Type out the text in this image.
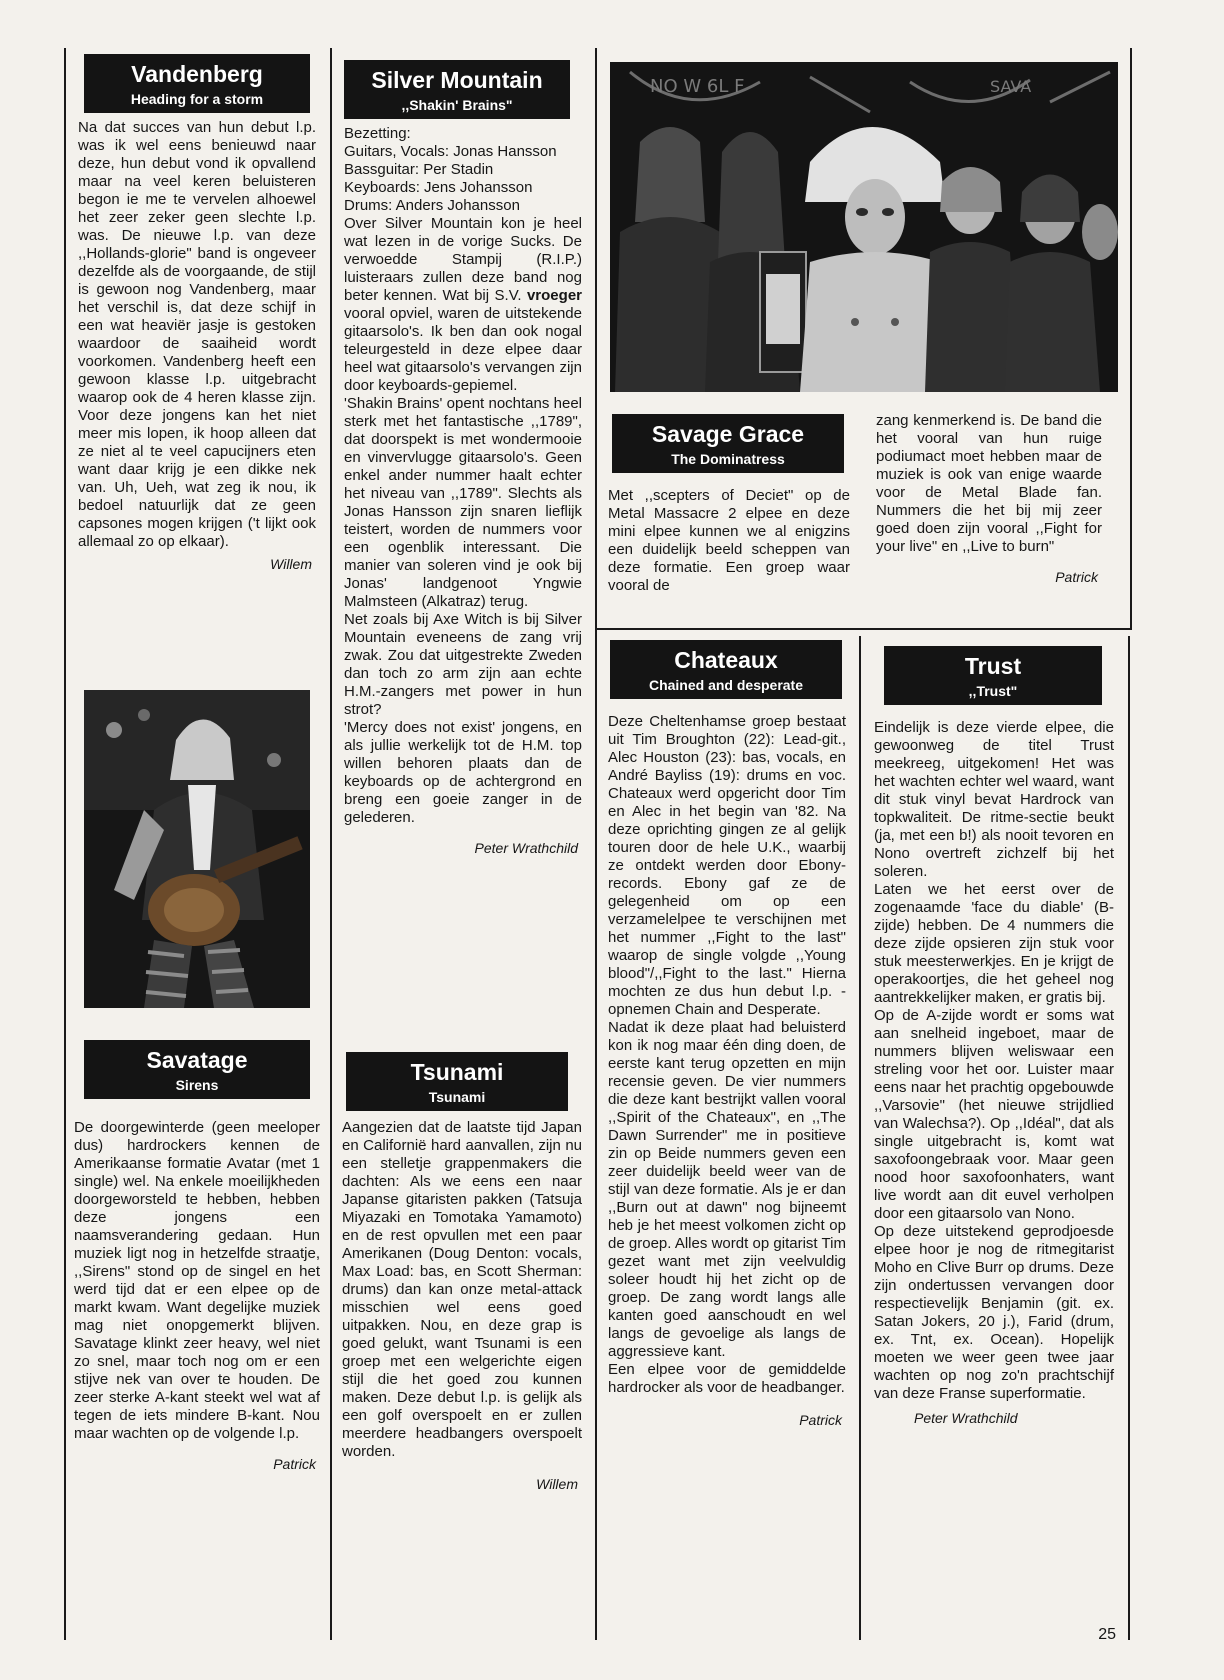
Vandenberg
Heading for a storm

Na dat succes van hun debut l.p. was ik wel eens benieuwd naar deze, hun debut vond ik opvallend maar na veel keren beluisteren begon ie me te vervelen alhoewel het zeer zeker geen slechte l.p. was. De nieuwe l.p. van deze ,,Hollands-glorie" band is ongeveer dezelfde als de voorgaande, de stijl is gewoon nog Vandenberg, maar het verschil is, dat deze schijf in een wat heaviër jasje is gestoken waardoor de saaiheid wordt voorkomen. Vandenberg heeft een gewoon klasse l.p. uitgebracht waarop ook de 4 heren klasse zijn. Voor deze jongens kan het niet meer mis lopen, ik hoop alleen dat ze niet al te veel capucijners eten want daar krijg je een dikke nek van. Uh, Ueh, wat zeg ik nou, ik bedoel natuurlijk dat ze geen capsones mogen krijgen ('t lijkt ook allemaal zo op elkaar).

Willem
Savatage
Sirens

De doorgewinterde (geen meeloper dus) hardrockers kennen de Amerikaanse formatie Avatar (met 1 single) wel. Na enkele moeilijkheden doorgeworsteld te hebben, hebben deze jongens een naamsverandering gedaan. Hun muziek ligt nog in hetzelfde straatje, ,,Sirens" stond op de singel en het werd tijd dat er een elpee op de markt kwam. Want degelijke muziek mag niet onopgemerkt blijven. Savatage klinkt zeer heavy, wel niet zo snel, maar toch nog om er een stijve nek van over te houden. De zeer sterke A-kant steekt wel wat af tegen de iets mindere B-kant. Nou maar wachten op de volgende l.p.

Patrick
Silver Mountain
,,Shakin' Brains"

Bezetting:

Guitars, Vocals: Jonas Hansson

Bassguitar: Per Stadin

Keyboards: Jens Johansson

Drums: Anders Johansson

Over Silver Mountain kon je heel wat lezen in de vorige Sucks. De verwoedde Stampij (R.I.P.) luisteraars zullen deze band nog beter kennen. Wat bij S.V. vroeger vooral opviel, waren de uitstekende gitaarsolo's. Ik ben dan ook nogal teleurgesteld in deze elpee daar heel wat gitaarsolo's vervangen zijn door keyboards-gepiemel.

'Shakin Brains' opent nochtans heel sterk met het fantastische ,,1789", dat doorspekt is met wondermooie en vinvervlugge gitaarsolo's. Geen enkel ander nummer haalt echter het niveau van ,,1789". Slechts als Jonas Hansson zijn snaren lieflijk teistert, worden de nummers voor een ogenblik interessant. Die manier van soleren vind je ook bij Jonas' landgenoot Yngwie Malmsteen (Alkatraz) terug.

Net zoals bij Axe Witch is bij Silver Mountain eveneens de zang vrij zwak. Zou dat uitgestrekte Zweden dan toch zo arm zijn aan echte H.M.-zangers met power in hun strot?

'Mercy does not exist' jongens, en als jullie werkelijk tot de H.M. top willen behoren plaats dan de keyboards op de achtergrond en breng een goeie zanger in de gelederen.

Peter Wrathchild
Tsunami
Tsunami

Aangezien dat de laatste tijd Japan en Californië hard aanvallen, zijn nu een stelletje grappenmakers die dachten: Als we eens een naar Japanse gitaristen pakken (Tatsuja Miyazaki en Tomotaka Yamamoto) en de rest opvullen met een paar Amerikanen (Doug Denton: vocals, Max Load: bas, en Scott Sherman: drums) dan kan onze metal-attack misschien wel eens goed uitpakken. Nou, en deze grap is goed gelukt, want Tsunami is een groep met een welgerichte eigen stijl die het goed zou kunnen maken. Deze debut l.p. is gelijk als een golf overspoelt en er zullen meerdere headbangers overspoelt worden.

Willem
NO W 6L F	SAVA
Savage Grace
The Dominatress

Met ,,scepters of Deciet" op de Metal Massacre 2 elpee en deze mini elpee kunnen we al enigzins een duidelijk beeld scheppen van deze formatie. Een groep waar vooral de

zang kenmerkend is. De band die het vooral van hun ruige podiumact moet hebben maar de muziek is ook van enige waarde voor de Metal Blade fan. Nummers die het bij mij zeer goed doen zijn vooral ,,Fight for your live" en ,,Live to burn"

Patrick
Chateaux
Chained and desperate

Deze Cheltenhamse groep bestaat uit Tim Broughton (22): Lead-git., Alec Houston (23): bas, vocals, en André Bayliss (19): drums en voc. Chateaux werd opgericht door Tim en Alec in het begin van '82. Na deze oprichting gingen ze al gelijk touren door de hele U.K., waarbij ze ontdekt werden door Ebony-records. Ebony gaf ze de gelegenheid om op een verzamelelpee te verschijnen met het nummer ,,Fight to the last" waarop de single volgde ,,Young blood"/,,Fight to the last." Hierna mochten ze dus hun debut l.p. - opnemen Chain and Desperate.

Nadat ik deze plaat had beluisterd kon ik nog maar één ding doen, de eerste kant terug opzetten en mijn recensie geven. De vier nummers die deze kant bestrijkt vallen vooral ,,Spirit of the Chateaux", en ,,The Dawn Surrender" me in positieve zin op Beide nummers geven een zeer duidelijk beeld weer van de stijl van deze formatie. Als je er dan ,,Burn out at dawn" nog bijneemt heb je het meest volkomen zicht op de groep. Alles wordt op gitarist Tim gezet want met zijn veelvuldig soleer houdt hij het zicht op de groep. De zang wordt langs alle kanten goed aanschoudt en wel langs de gevoelige als langs de aggressieve kant.

Een elpee voor de gemiddelde hardrocker als voor de headbanger.

Patrick
Trust
,,Trust"

Eindelijk is deze vierde elpee, die gewoonweg de titel Trust meekreeg, uitgekomen! Het was het wachten echter wel waard, want dit stuk vinyl bevat Hardrock van topkwaliteit. De ritme-sectie beukt (ja, met een b!) als nooit tevoren en Nono overtreft zichzelf bij het soleren.

Laten we het eerst over de zogenaamde 'face du diable' (B-zijde) hebben. De 4 nummers die deze zijde opsieren zijn stuk voor stuk meesterwerkjes. En je krijgt de operakoortjes, die het geheel nog aantrekkelijker maken, er gratis bij.

Op de A-zijde wordt er soms wat aan snelheid ingeboet, maar de nummers blijven weliswaar een streling voor het oor. Luister maar eens naar het prachtig opgebouwde ,,Varsovie" (het nieuwe strijdlied van Walechsa?). Op ,,Idéal", dat als single uitgebracht is, komt wat saxofoongebraak voor. Maar geen nood hoor saxofoonhaters, want live wordt aan dit euvel verholpen door een gitaarsolo van Nono.

Op deze uitstekend geprodjoesde elpee hoor je nog de ritmegitarist Moho en Clive Burr op drums. Deze zijn ondertussen vervangen door respectievelijk Benjamin (git. ex. Satan Jokers, 20 j.), Farid (drum, ex. Tnt, ex. Ocean). Hopelijk moeten we weer geen twee jaar wachten op nog zo'n prachtschijf van deze Franse superformatie.

Peter Wrathchild
25
